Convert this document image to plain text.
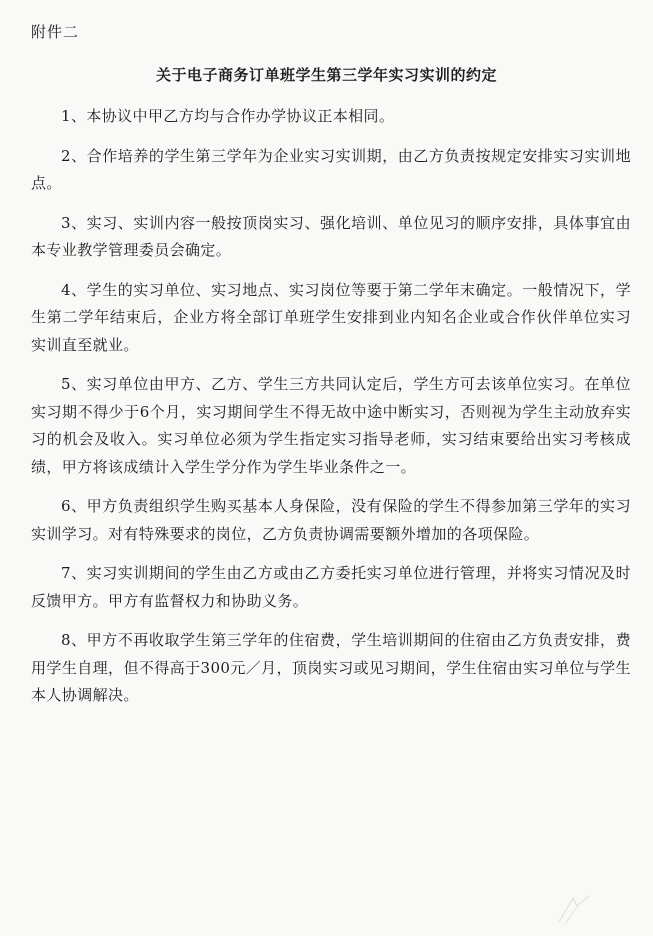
附件二
关于电子商务订单班学生第三学年实习实训的约定

1、本协议中甲乙方均与合作办学协议正本相同。

2、合作培养的学生第三学年为企业实习实训期，由乙方负责按规定安排实习实训地点。

3、实习、实训内容一般按顶岗实习、强化培训、单位见习的顺序安排，具体事宜由本专业教学管理委员会确定。

4、学生的实习单位、实习地点、实习岗位等要于第二学年末确定。一般情况下，学生第二学年结束后，企业方将全部订单班学生安排到业内知名企业或合作伙伴单位实习实训直至就业。

5、实习单位由甲方、乙方、学生三方共同认定后，学生方可去该单位实习。在单位实习期不得少于6个月，实习期间学生不得无故中途中断实习，否则视为学生主动放弃实习的机会及收入。实习单位必须为学生指定实习指导老师，实习结束要给出实习考核成绩，甲方将该成绩计入学生学分作为学生毕业条件之一。

6、甲方负责组织学生购买基本人身保险，没有保险的学生不得参加第三学年的实习实训学习。对有特殊要求的岗位，乙方负责协调需要额外增加的各项保险。

7、实习实训期间的学生由乙方或由乙方委托实习单位进行管理，并将实习情况及时反馈甲方。甲方有监督权力和协助义务。

8、甲方不再收取学生第三学年的住宿费，学生培训期间的住宿由乙方负责安排，费用学生自理，但不得高于300元／月，顶岗实习或见习期间，学生住宿由实习单位与学生本人协调解决。
